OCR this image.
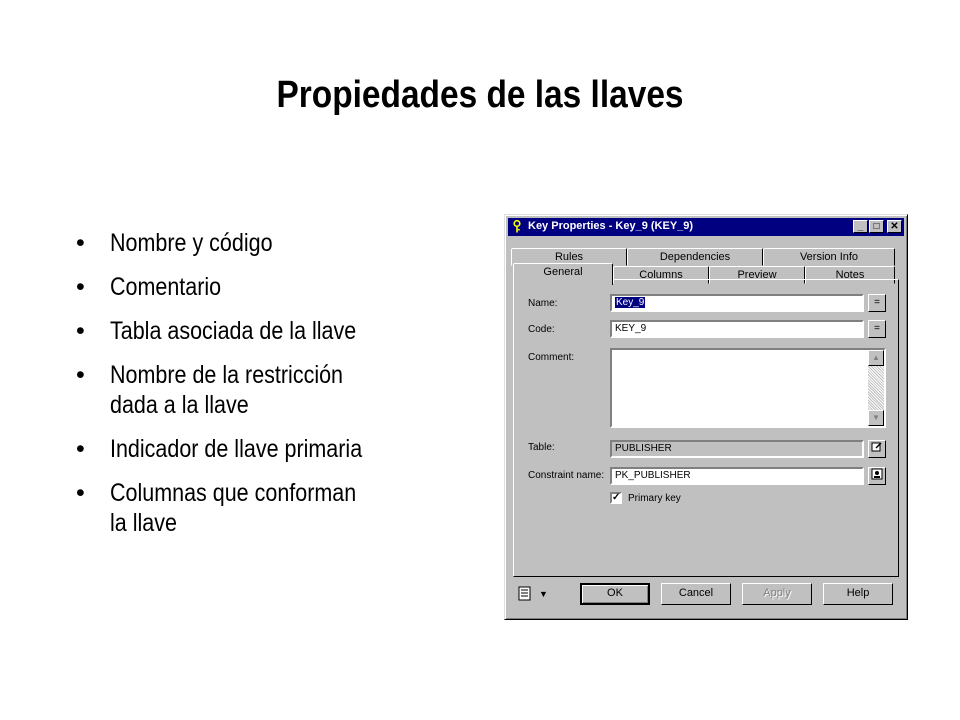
Propiedades de las llaves
• Nombre y código
• Comentario
• Tabla asociada de la llave
• Nombre de la restricción
dada a la llave
• Indicador de llave primaria
• Columnas que conforman
la llave
Key Properties - Key_9 (KEY_9)	_	□	✕
Rules	Dependencies	Version Info
General	Columns	Preview	Notes
Name:	Key_9	=
Code:	KEY_9	=
Comment:	▲
▼
Table:	PUBLISHER
Constraint name:	PK_PUBLISHER
✓ Primary key
▼	OK	Cancel	Apply	Help
